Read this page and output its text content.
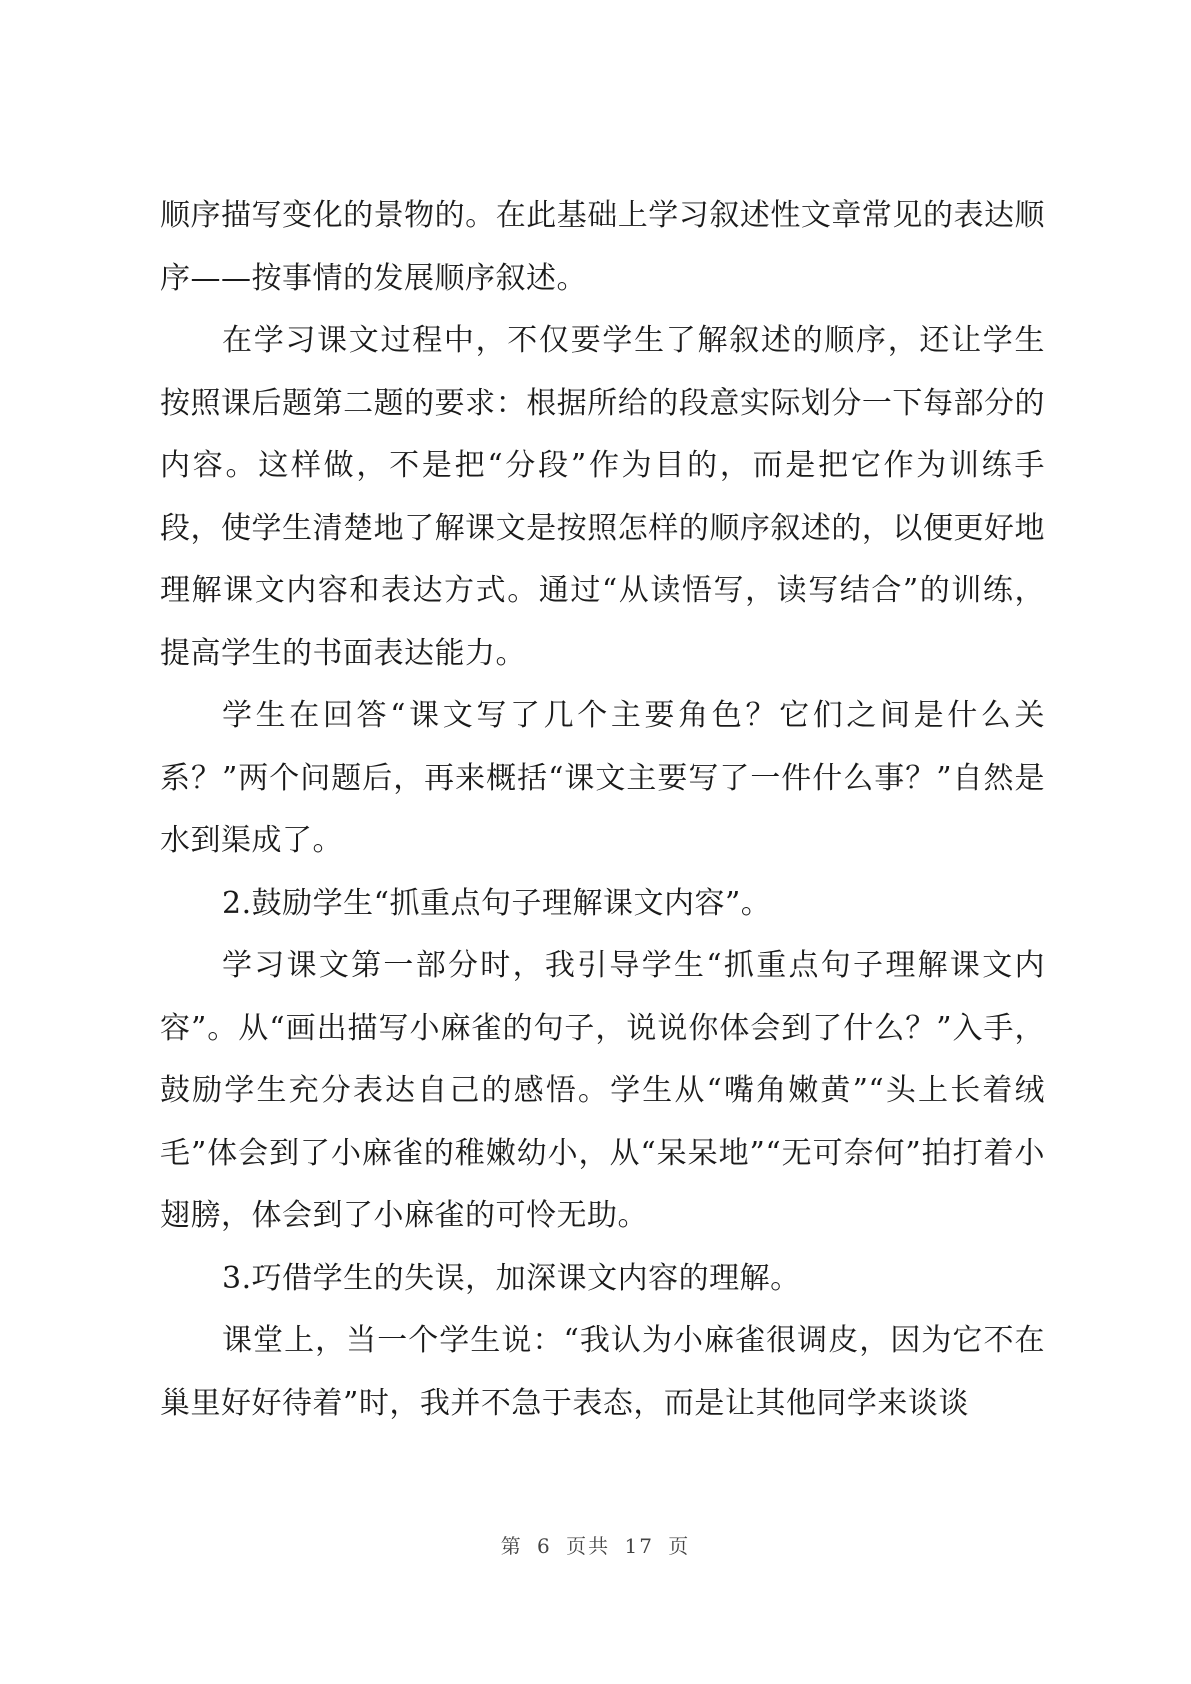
顺序描写变化的景物的。在此基础上学习叙述性文章常见的表达顺序——按事情的发展顺序叙述。

在学习课文过程中，不仅要学生了解叙述的顺序，还让学生按照课后题第二题的要求：根据所给的段意实际划分一下每部分的内容。这样做，不是把“分段”作为目的，而是把它作为训练手段，使学生清楚地了解课文是按照怎样的顺序叙述的，以便更好地理解课文内容和表达方式。通过“从读悟写，读写结合”的训练，提高学生的书面表达能力。

学生在回答“课文写了几个主要角色？它们之间是什么关系？”两个问题后，再来概括“课文主要写了一件什么事？”自然是水到渠成了。

2.鼓励学生“抓重点句子理解课文内容”。

学习课文第一部分时，我引导学生“抓重点句子理解课文内容”。从“画出描写小麻雀的句子，说说你体会到了什么？”入手，鼓励学生充分表达自己的感悟。学生从“嘴角嫩黄”“头上长着绒毛”体会到了小麻雀的稚嫩幼小，从“呆呆地”“无可奈何”拍打着小翅膀，体会到了小麻雀的可怜无助。

3.巧借学生的失误，加深课文内容的理解。

课堂上，当一个学生说：“我认为小麻雀很调皮，因为它不在巢里好好待着”时，我并不急于表态，而是让其他同学来谈谈

第 6 页共 17 页
